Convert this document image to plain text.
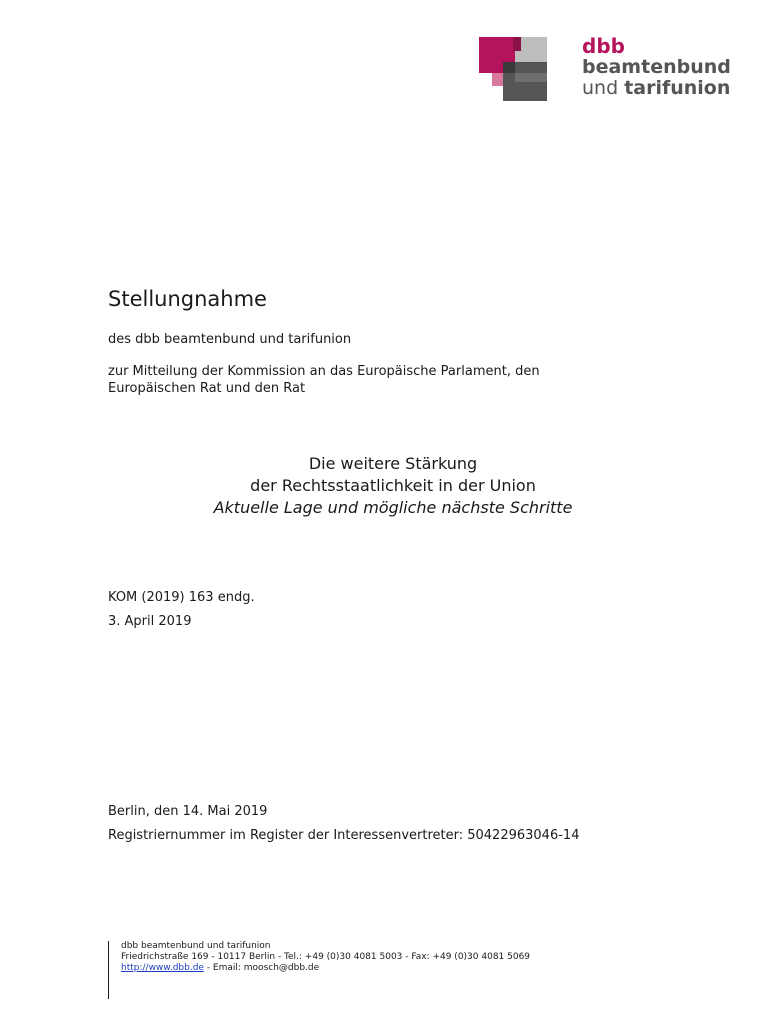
dbb
beamtenbund
und tarifunion
Stellungnahme
des dbb beamtenbund und tarifunion
zur Mitteilung der Kommission an das Europäische Parlament, den Europäischen Rat und den Rat
Die weitere Stärkung
der Rechtsstaatlichkeit in der Union
Aktuelle Lage und mögliche nächste Schritte
KOM (2019) 163 endg.
3. April 2019
Berlin, den 14. Mai 2019
Registriernummer im Register der Interessenvertreter: 50422963046-14
dbb beamtenbund und tarifunion
Friedrichstraße 169 - 10117 Berlin - Tel.: +49 (0)30 4081 5003 - Fax: +49 (0)30 4081 5069
http://www.dbb.de - Email: moosch@dbb.de
